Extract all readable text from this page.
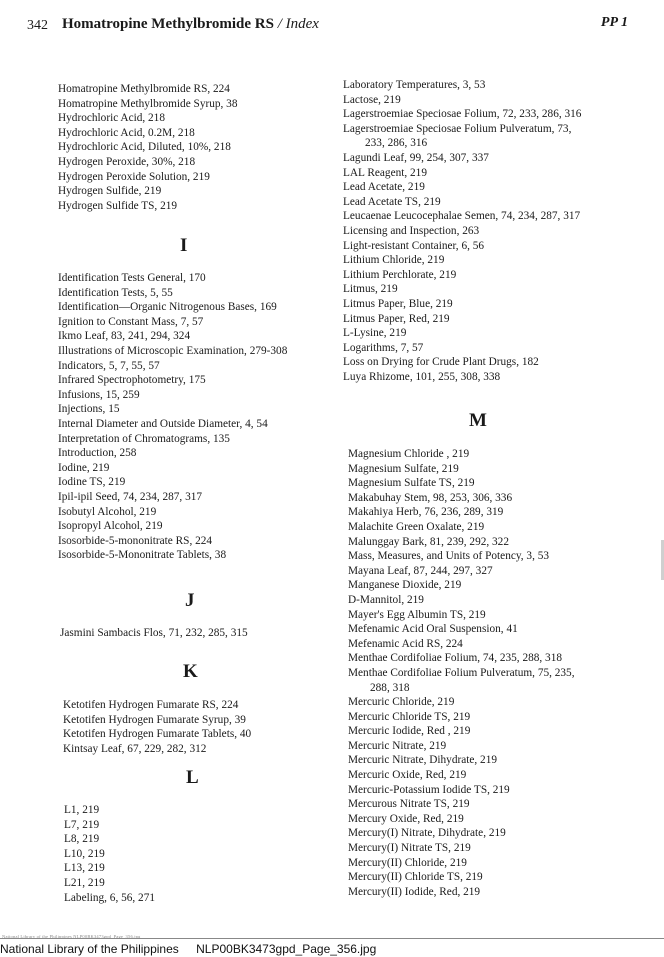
342 Homatropine Methylbromide RS / Index	PP 1
Homatropine Methylbromide RS, 224
Homatropine Methylbromide Syrup, 38
Hydrochloric Acid, 218
Hydrochloric Acid, 0.2M, 218
Hydrochloric Acid, Diluted, 10%, 218
Hydrogen Peroxide, 30%, 218
Hydrogen Peroxide Solution, 219
Hydrogen Sulfide, 219
Hydrogen Sulfide TS, 219
I
Identification Tests General, 170
Identification Tests, 5, 55
Identification—Organic Nitrogenous Bases, 169
Ignition to Constant Mass, 7, 57
Ikmo Leaf, 83, 241, 294, 324
Illustrations of Microscopic Examination, 279-308
Indicators, 5, 7, 55, 57
Infrared Spectrophotometry, 175
Infusions, 15, 259
Injections, 15
Internal Diameter and Outside Diameter, 4, 54
Interpretation of Chromatograms, 135
Introduction, 258
Iodine, 219
Iodine TS, 219
Ipil-ipil Seed, 74, 234, 287, 317
Isobutyl Alcohol, 219
Isopropyl Alcohol, 219
Isosorbide-5-mononitrate RS, 224
Isosorbide-5-Mononitrate Tablets, 38
J
Jasmini Sambacis Flos, 71, 232, 285, 315
K
Ketotifen Hydrogen Fumarate RS, 224
Ketotifen Hydrogen Fumarate Syrup, 39
Ketotifen Hydrogen Fumarate Tablets, 40
Kintsay Leaf, 67, 229, 282, 312
L
L1, 219
L7, 219
L8, 219
L10, 219
L13, 219
L21, 219
Labeling, 6, 56, 271
Laboratory Temperatures, 3, 53
Lactose, 219
Lagerstroemiae Speciosae Folium, 72, 233, 286, 316
Lagerstroemiae Speciosae Folium Pulveratum, 73,
233, 286, 316
Lagundi Leaf, 99, 254, 307, 337
LAL Reagent, 219
Lead Acetate, 219
Lead Acetate TS, 219
Leucaenae Leucocephalae Semen, 74, 234, 287, 317
Licensing and Inspection, 263
Light-resistant Container, 6, 56
Lithium Chloride, 219
Lithium Perchlorate, 219
Litmus, 219
Litmus Paper, Blue, 219
Litmus Paper, Red, 219
L-Lysine, 219
Logarithms, 7, 57
Loss on Drying for Crude Plant Drugs, 182
Luya Rhizome, 101, 255, 308, 338
M
Magnesium Chloride , 219
Magnesium Sulfate, 219
Magnesium Sulfate TS, 219
Makabuhay Stem, 98, 253, 306, 336
Makahiya Herb, 76, 236, 289, 319
Malachite Green Oxalate, 219
Malunggay Bark, 81, 239, 292, 322
Mass, Measures, and Units of Potency, 3, 53
Mayana Leaf, 87, 244, 297, 327
Manganese Dioxide, 219
D-Mannitol, 219
Mayer's Egg Albumin TS, 219
Mefenamic Acid Oral Suspension, 41
Mefenamic Acid RS, 224
Menthae Cordifoliae Folium, 74, 235, 288, 318
Menthae Cordifoliae Folium Pulveratum, 75, 235,
288, 318
Mercuric Chloride, 219
Mercuric Chloride TS, 219
Mercuric Iodide, Red , 219
Mercuric Nitrate, 219
Mercuric Nitrate, Dihydrate, 219
Mercuric Oxide, Red, 219
Mercuric-Potassium Iodide TS, 219
Mercurous Nitrate TS, 219
Mercury Oxide, Red, 219
Mercury(I) Nitrate, Dihydrate, 219
Mercury(I) Nitrate TS, 219
Mercury(II) Chloride, 219
Mercury(II) Chloride TS, 219
Mercury(II) Iodide, Red, 219
National Library of the Philippines NLP00BK3473gpd_Page_356.jpg
National Library of the Philippines NLP00BK3473gpd_Page_356.jpg
